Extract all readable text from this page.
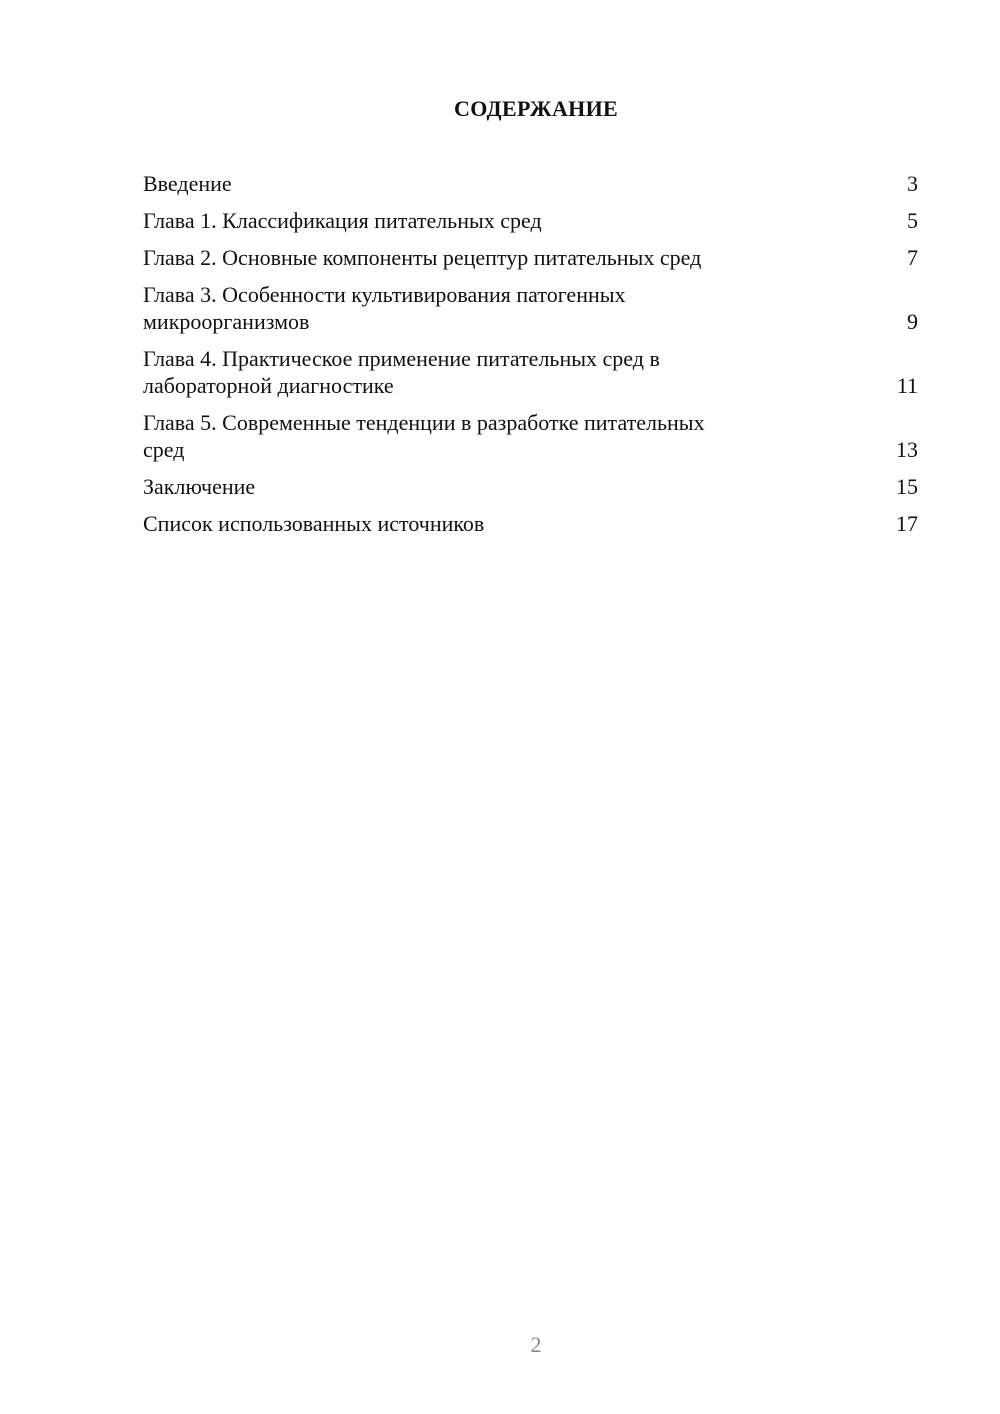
СОДЕРЖАНИЕ
Введение	3
Глава 1. Классификация питательных сред	5
Глава 2. Основные компоненты рецептур питательных сред	7
Глава 3. Особенности культивирования патогенных
микроорганизмов	9
Глава 4. Практическое применение питательных сред в
лабораторной диагностике	11
Глава 5. Современные тенденции в разработке питательных
сред	13
Заключение	15
Список использованных источников	17
2
